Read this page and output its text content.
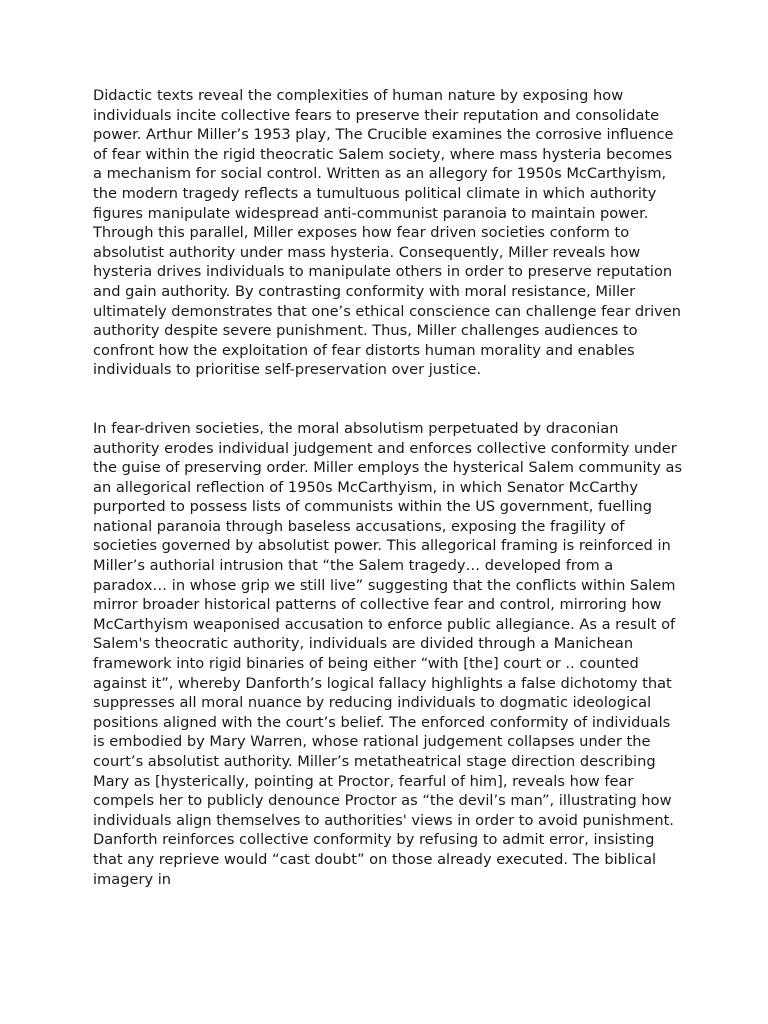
Didactic texts reveal the complexities of human nature by exposing how individuals incite collective fears to preserve their reputation and consolidate power. Arthur Miller’s 1953 play, The Crucible examines the corrosive influence of fear within the rigid theocratic Salem society, where mass hysteria becomes a mechanism for social control. Written as an allegory for 1950s McCarthyism, the modern tragedy reflects a tumultuous political climate in which authority figures manipulate widespread anti-communist paranoia to maintain power. Through this parallel, Miller exposes how fear driven societies conform to absolutist authority under mass hysteria. Consequently, Miller reveals how hysteria drives individuals to manipulate others in order to preserve reputation and gain authority. By contrasting conformity with moral resistance, Miller ultimately demonstrates that one’s ethical conscience can challenge fear driven authority despite severe punishment. Thus, Miller challenges audiences to confront how the exploitation of fear distorts human morality and enables individuals to prioritise self-preservation over justice.

In fear-driven societies, the moral absolutism perpetuated by draconian authority erodes individual judgement and enforces collective conformity under the guise of preserving order. Miller employs the hysterical Salem community as an allegorical reflection of 1950s McCarthyism, in which Senator McCarthy purported to possess lists of communists within the US government, fuelling national paranoia through baseless accusations, exposing the fragility of societies governed by absolutist power. This allegorical framing is reinforced in Miller’s authorial intrusion that “the Salem tragedy… developed from a paradox… in whose grip we still live” suggesting that the conflicts within Salem mirror broader historical patterns of collective fear and control, mirroring how McCarthyism weaponised accusation to enforce public allegiance. As a result of Salem's theocratic authority, individuals are divided through a Manichean framework into rigid binaries of being either “with [the] court or .. counted against it”, whereby Danforth’s logical fallacy highlights a false dichotomy that suppresses all moral nuance by reducing individuals to dogmatic ideological positions aligned with the court’s belief. The enforced conformity of individuals is embodied by Mary Warren, whose rational judgement collapses under the court’s absolutist authority. Miller’s metatheatrical stage direction describing Mary as [hysterically, pointing at Proctor, fearful of him], reveals how fear compels her to publicly denounce Proctor as “the devil’s man”, illustrating how individuals align themselves to authorities' views in order to avoid punishment. Danforth reinforces collective conformity by refusing to admit error, insisting that any reprieve would “cast doubt” on those already executed. The biblical imagery in
